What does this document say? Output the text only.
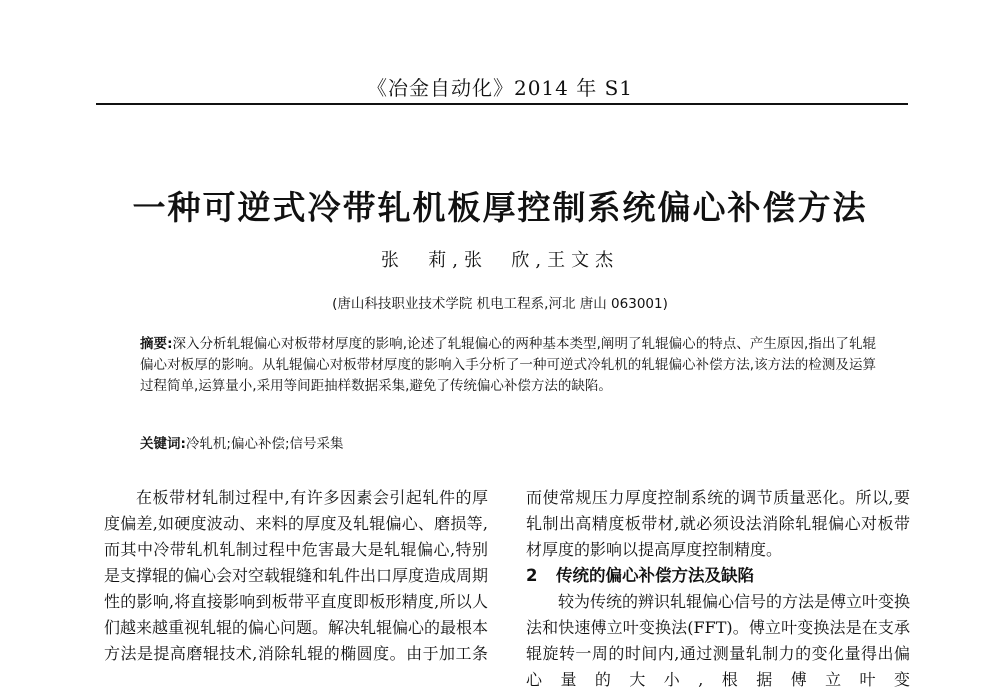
《冶金自动化》2014 年 S1
一种可逆式冷带轧机板厚控制系统偏心补偿方法
张  莉,张  欣,王文杰
(唐山科技职业技术学院 机电工程系,河北 唐山 063001)
摘要:深入分析轧辊偏心对板带材厚度的影响,论述了轧辊偏心的两种基本类型,阐明了轧辊偏心的特点、产生原因,指出了轧辊偏心对板厚的影响。从轧辊偏心对板带材厚度的影响入手分析了一种可逆式冷轧机的轧辊偏心补偿方法,该方法的检测及运算过程简单,运算量小,采用等间距抽样数据采集,避免了传统偏心补偿方法的缺陷。
关键词:冷轧机;偏心补偿;信号采集

在板带材轧制过程中,有许多因素会引起轧件的厚度偏差,如硬度波动、来料的厚度及轧辊偏心、磨损等,而其中冷带轧机轧制过程中危害最大是轧辊偏心,特别是支撑辊的偏心会对空载辊缝和轧件出口厚度造成周期性的影响,将直接影响到板带平直度即板形精度,所以人们越来越重视轧辊的偏心问题。解决轧辊偏心的最根本方法是提高磨辊技术,消除轧辊的椭圆度。由于加工条

而使常规压力厚度控制系统的调节质量恶化。所以,要轧制出高精度板带材,就必须设法消除轧辊偏心对板带材厚度的影响以提高厚度控制精度。

2 传统的偏心补偿方法及缺陷

较为传统的辨识轧辊偏心信号的方法是傅立叶变换法和快速傅立叶变换法(FFT)。傅立叶变换法是在支承辊旋转一周的时间内,通过测量轧制力的变化量得出偏心量的大小,根据傅立叶变
